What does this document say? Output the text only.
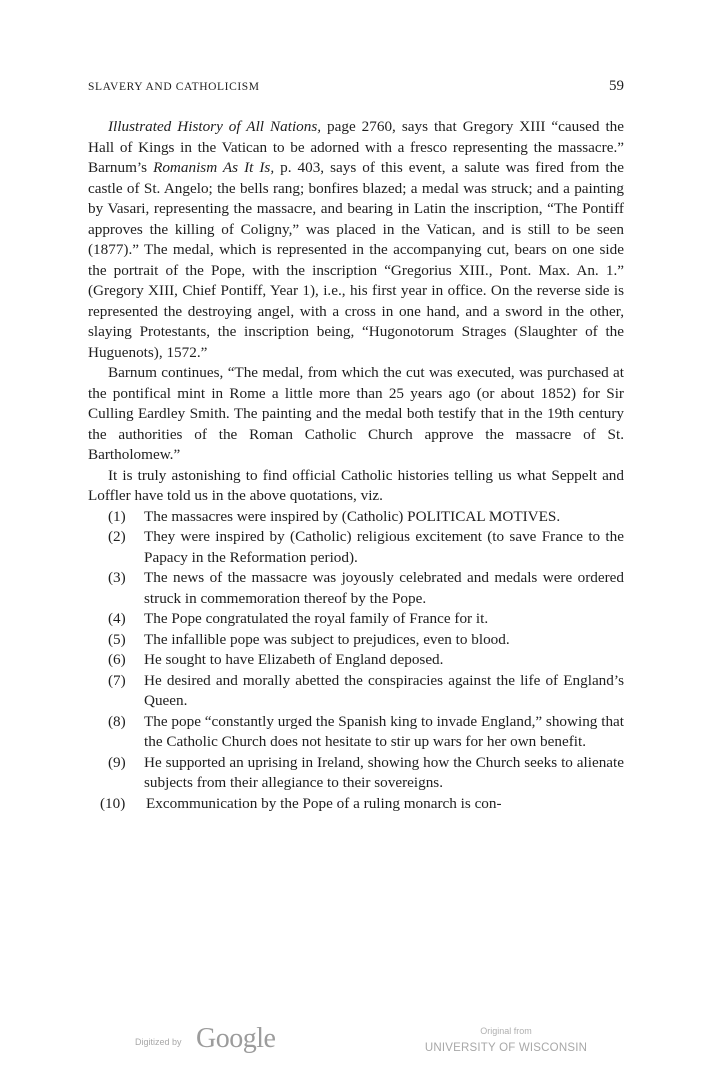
SLAVERY AND CATHOLICISM	59

Illustrated History of All Nations, page 2760, says that Gregory XIII “caused the Hall of Kings in the Vatican to be adorned with a fresco representing the massacre.” Barnum’s Romanism As It Is, p. 403, says of this event, a salute was fired from the castle of St. Angelo; the bells rang; bonfires blazed; a medal was struck; and a painting by Vasari, representing the massacre, and bearing in Latin the inscription, “The Pontiff approves the killing of Coligny,” was placed in the Vatican, and is still to be seen (1877).” The medal, which is represented in the accompanying cut, bears on one side the portrait of the Pope, with the inscription “Gregorius XIII., Pont. Max. An. 1.” (Gregory XIII, Chief Pontiff, Year 1), i.e., his first year in office. On the reverse side is represented the destroying angel, with a cross in one hand, and a sword in the other, slaying Protestants, the inscription being, “Hugonotorum Strages (Slaughter of the Huguenots), 1572.”

Barnum continues, “The medal, from which the cut was executed, was purchased at the pontifical mint in Rome a little more than 25 years ago (or about 1852) for Sir Culling Eardley Smith. The painting and the medal both testify that in the 19th century the authorities of the Roman Catholic Church approve the massacre of St. Bartholomew.”

It is truly astonishing to find official Catholic histories telling us what Seppelt and Loffler have told us in the above quotations, viz.

(1) The massacres were inspired by (Catholic) POLITICAL MOTIVES.
(2) They were inspired by (Catholic) religious excitement (to save France to the Papacy in the Reformation period).
(3) The news of the massacre was joyously celebrated and medals were ordered struck in commemoration thereof by the Pope.
(4) The Pope congratulated the royal family of France for it.
(5) The infallible pope was subject to prejudices, even to blood.
(6) He sought to have Elizabeth of England deposed.
(7) He desired and morally abetted the conspiracies against the life of England’s Queen.
(8) The pope “constantly urged the Spanish king to invade England,” showing that the Catholic Church does not hesitate to stir up wars for her own benefit.
(9) He supported an uprising in Ireland, showing how the Church seeks to alienate subjects from their allegiance to their sovereigns.
(10) Excommunication by the Pope of a ruling monarch is con-
Digitized by Google	Original from
UNIVERSITY OF WISCONSIN
